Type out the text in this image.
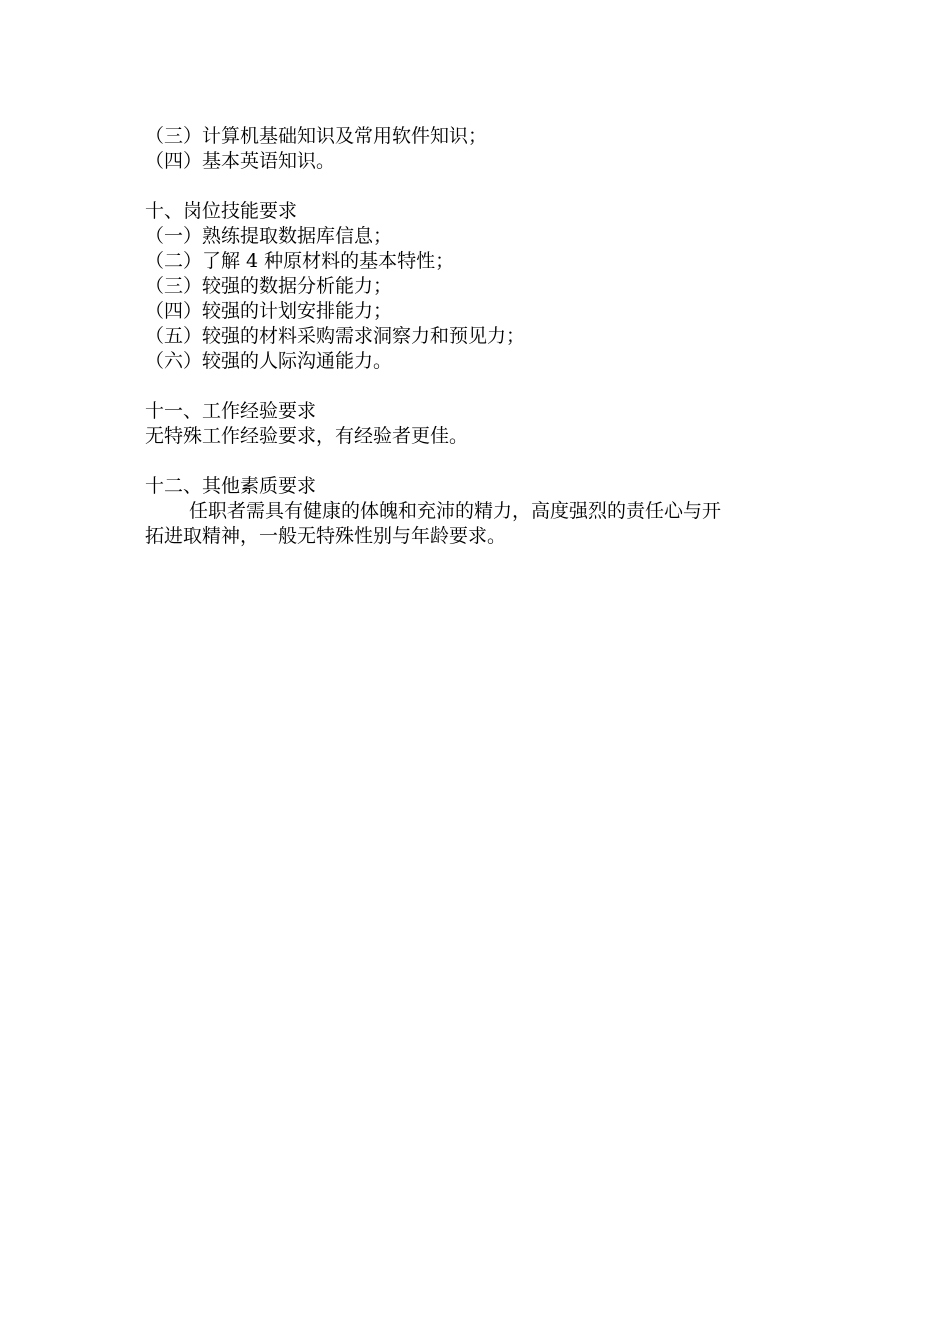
（三）计算机基础知识及常用软件知识；
（四）基本英语知识。
十、岗位技能要求
（一）熟练提取数据库信息；
（二）了解 4 种原材料的基本特性；
（三）较强的数据分析能力；
（四）较强的计划安排能力；
（五）较强的材料采购需求洞察力和预见力；
（六）较强的人际沟通能力。
十一、工作经验要求
无特殊工作经验要求，有经验者更佳。
十二、其他素质要求
任职者需具有健康的体魄和充沛的精力，高度强烈的责任心与开
拓进取精神，一般无特殊性别与年龄要求。
